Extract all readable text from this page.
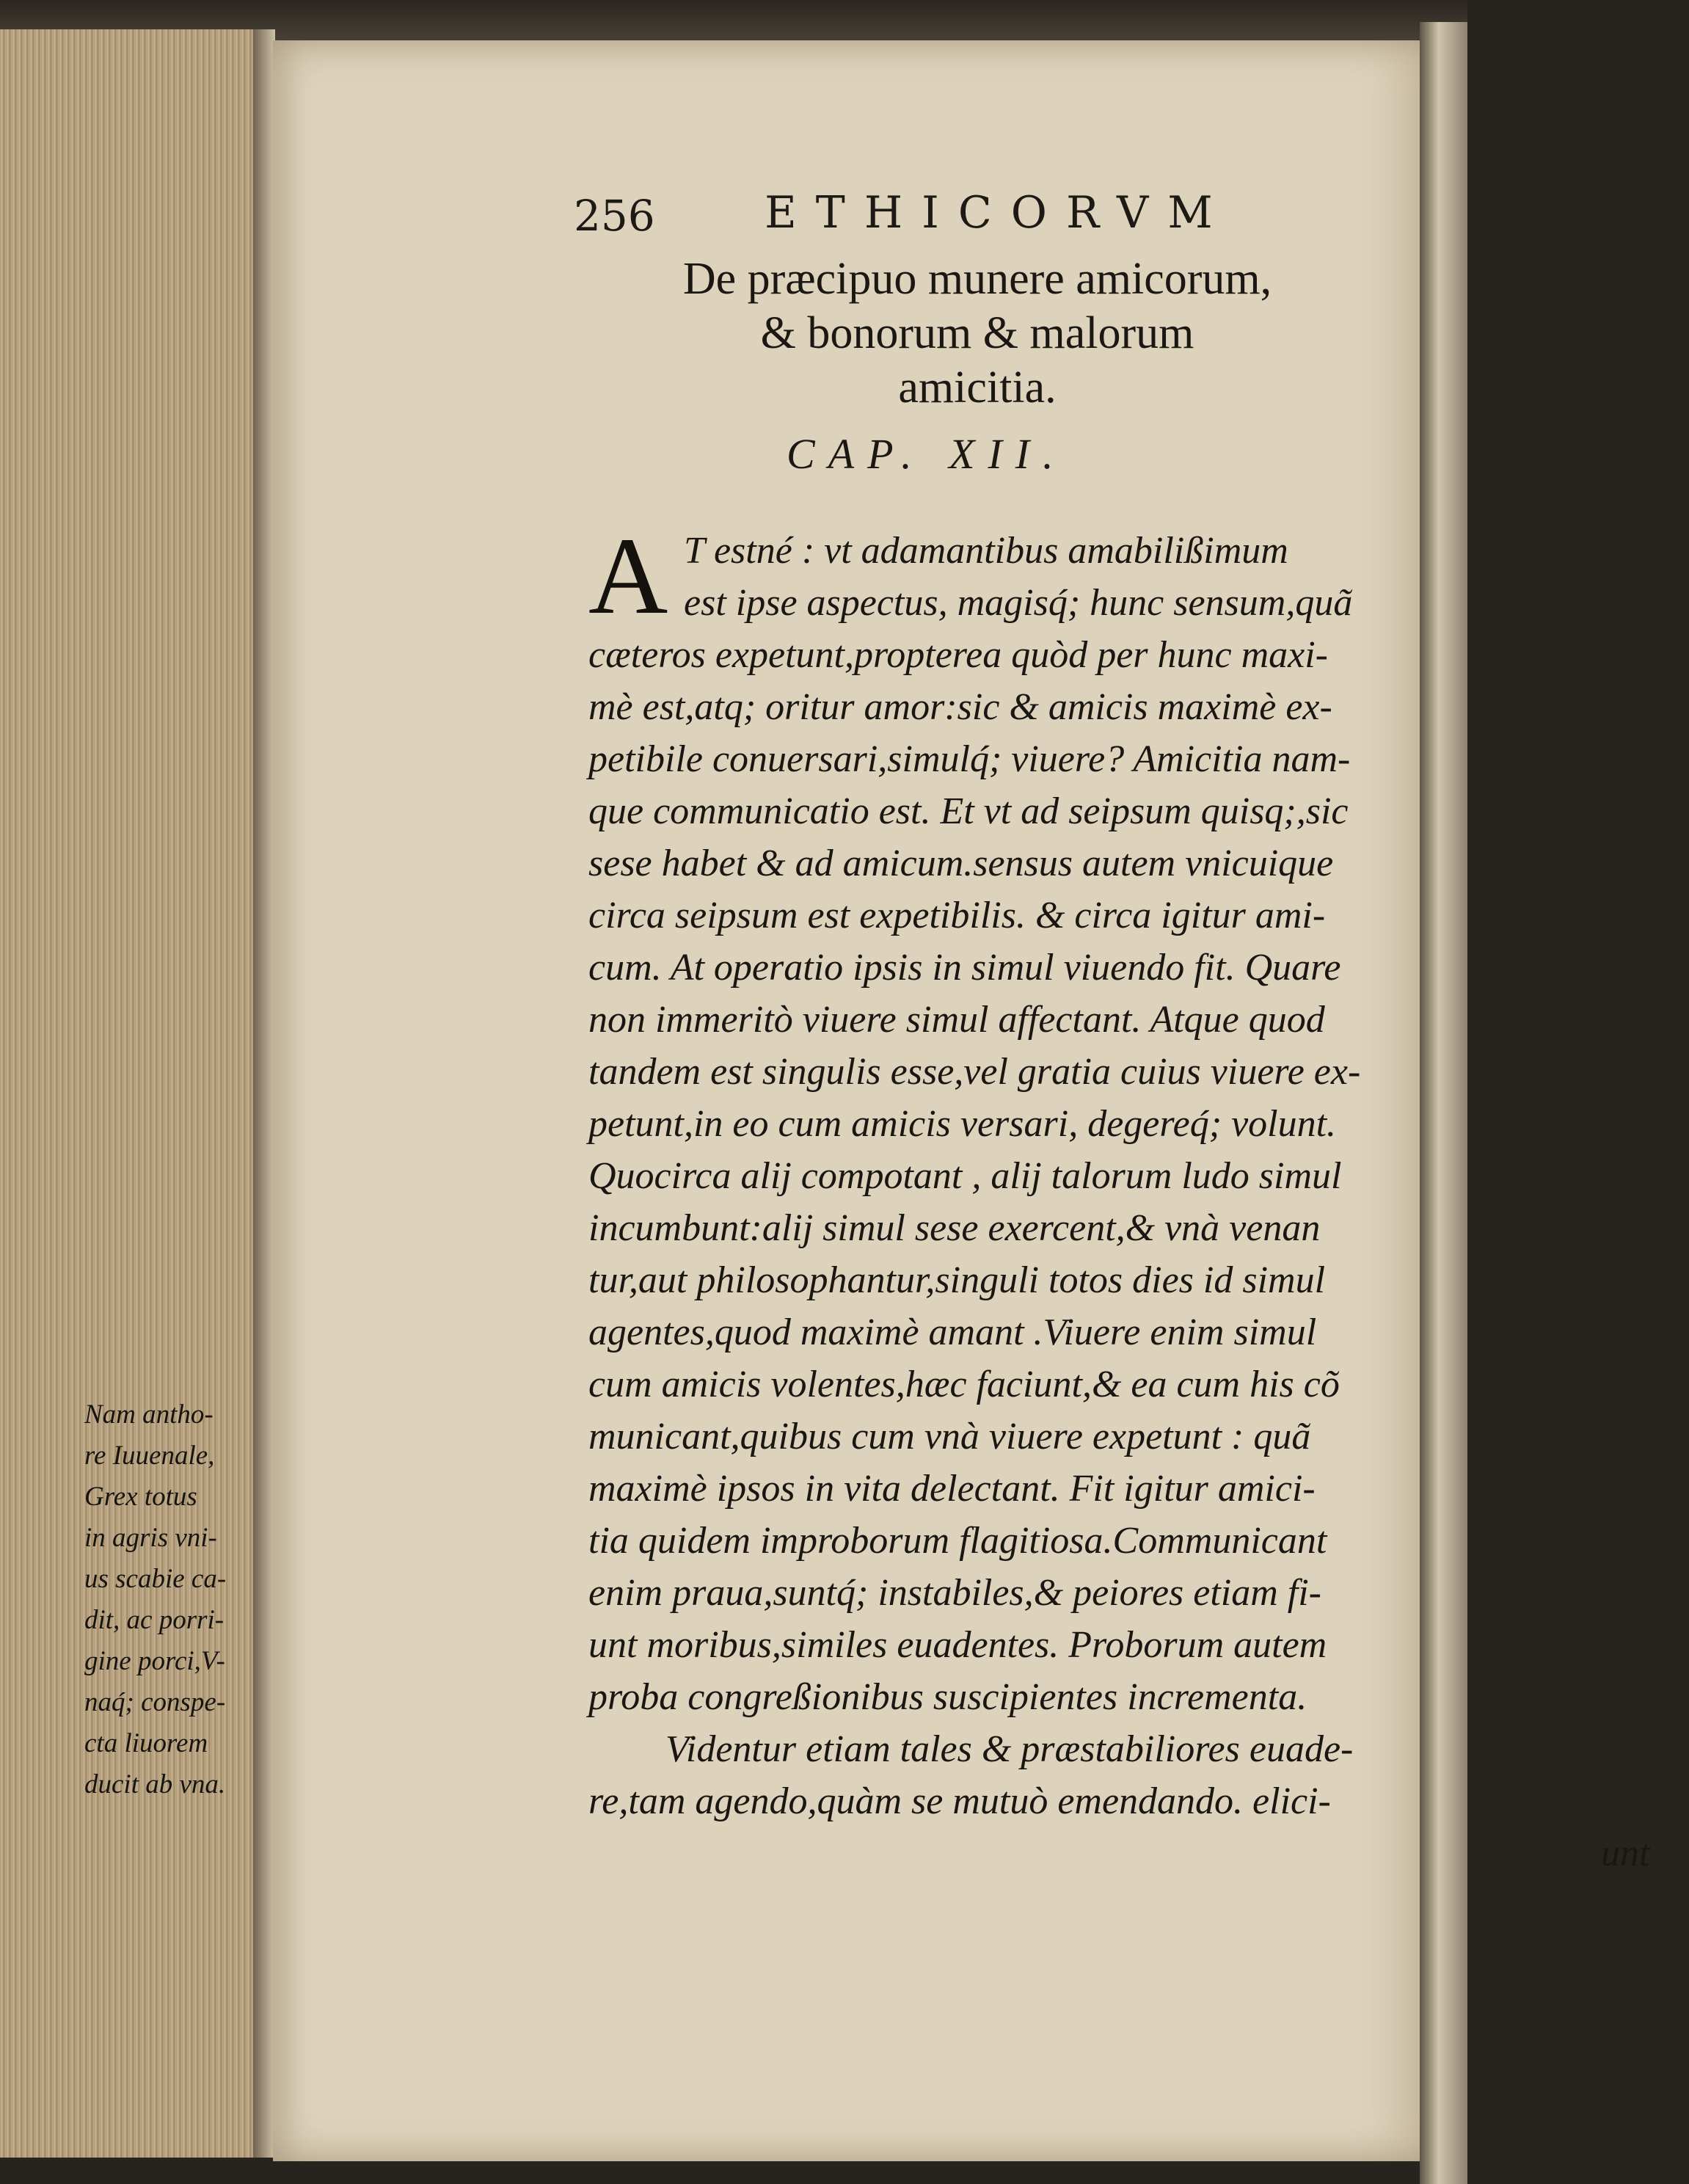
256 ETHICORVM
De præcipuo munere amicorum,
& bonorum & malorum
amicitia.
CAP. XII.
T estné : vt adamantibus amabilißimum
est ipse aspectus, magisq́; hunc sensum,quã
cæteros expetunt,propterea quòd per hunc maxi-
mè est,atq; oritur amor:sic & amicis maximè ex-
petibile conuersari,simulq́; viuere? Amicitia nam-
que communicatio est. Et vt ad seipsum quisq;,sic
sese habet & ad amicum.sensus autem vnicuique
circa seipsum est expetibilis. & circa igitur ami-
cum. At operatio ipsis in simul viuendo fit. Quare
non immeritò viuere simul affectant. Atque quod
tandem est singulis esse,vel gratia cuius viuere ex-
petunt,in eo cum amicis versari, degereq́; volunt.
Quocirca alij compotant , alij talorum ludo simul
incumbunt:alij simul sese exercent,& vnà venan
tur,aut philosophantur,singuli totos dies id simul
agentes,quod maximè amant .Viuere enim simul
cum amicis volentes,hæc faciunt,& ea cum his cõ
municant,quibus cum vnà viuere expetunt : quã
maximè ipsos in vita delectant. Fit igitur amici-
tia quidem improborum flagitiosa.Communicant
enim praua,suntq́; instabiles,& peiores etiam fi-
unt moribus,similes euadentes. Proborum autem
proba congreßionibus suscipientes incrementa.
Videntur etiam tales & præstabiliores euade-
re,tam agendo,quàm se mutuò emendando. elici-
unt
A
Nam antho-
re Iuuenale,
Grex totus
in agris vni-
us scabie ca-
dit, ac porri-
gine porci,V-
naq́; conspe-
cta liuorem
ducit ab vna.
